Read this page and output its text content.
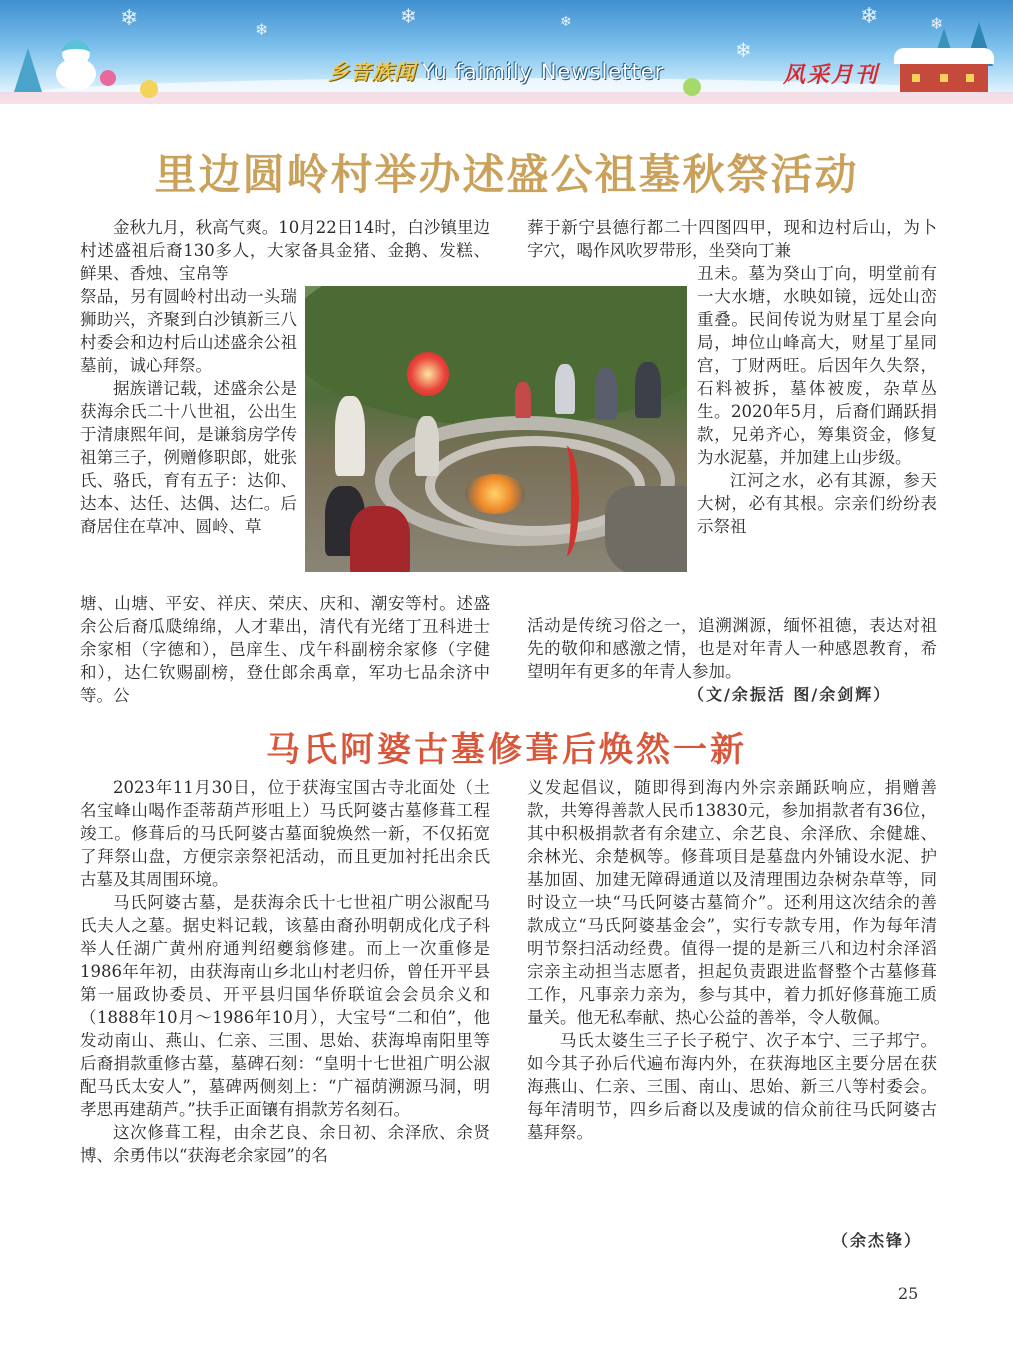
❄	❄
❄	❄
❄
❄	❄
乡音族闻 Yu faimily Newsletter	风采月刊
里边圆岭村举办述盛公祖墓秋祭活动

金秋九月，秋高气爽。10月22日14时，白沙镇里边村述盛祖后裔130多人，大家备具金猪、金鹅、发糕、鲜果、香烛、宝帛等

祭品，另有圆岭村出动一头瑞狮助兴，齐聚到白沙镇新三八村委会和边村后山述盛余公祖墓前，诚心拜祭。

据族谱记载，述盛余公是获海余氏二十八世祖，公出生于清康熙年间，是谦翁房学传祖第三子，例赠修职郎，妣张氏、骆氏，育有五子：达仰、达本、达任、达偶、达仁。后裔居住在草冲、圆岭、草

塘、山塘、平安、祥庆、荣庆、庆和、潮安等村。述盛余公后裔瓜瓞绵绵，人才辈出，清代有光绪丁丑科进士余家相（字德和），邑庠生、戊午科副榜余家修（字健和），达仁钦赐副榜，登仕郎余禹章，军功七品余济中等。公

葬于新宁县德行都二十四图四甲，现和边村后山，为卜字穴，喝作风吹罗带形，坐癸向丁兼

丑未。墓为癸山丁向，明堂前有一大水塘，水映如镜，远处山峦重叠。民间传说为财星丁星会向局，坤位山峰高大，财星丁星同宫，丁财两旺。后因年久失祭，石料被拆，墓体被废，杂草丛生。2020年5月，后裔们踊跃捐款，兄弟齐心，筹集资金，修复为水泥墓，并加建上山步级。

江河之水，必有其源，参天大树，必有其根。宗亲们纷纷表示祭祖

活动是传统习俗之一，追溯渊源，缅怀祖德，表达对祖先的敬仰和感激之情，也是对年青人一种感恩教育，希望明年有更多的年青人参加。

（文/余振活 图/余剑辉）
马氏阿婆古墓修葺后焕然一新

2023年11月30日，位于获海宝国古寺北面处（土名宝峰山喝作歪蒂葫芦形咀上）马氏阿婆古墓修葺工程竣工。修葺后的马氏阿婆古墓面貌焕然一新，不仅拓宽了拜祭山盘，方便宗亲祭祀活动，而且更加衬托出余氏古墓及其周围环境。

马氏阿婆古墓，是获海余氏十七世祖广明公淑配马氏夫人之墓。据史料记载，该墓由裔孙明朝成化戊子科举人任湖广黄州府通判绍夔翁修建。而上一次重修是1986年年初，由获海南山乡北山村老归侨，曾任开平县第一届政协委员、开平县归国华侨联谊会会员余义和（1888年10月～1986年10月），大宝号“二和伯”，他发动南山、燕山、仁亲、三围、思始、获海埠南阳里等后裔捐款重修古墓，墓碑石刻：“皇明十七世祖广明公淑配马氏太安人”，墓碑两侧刻上：“广福荫溯源马洞，明孝思再建葫芦。”扶手正面镶有捐款芳名刻石。

这次修葺工程，由余艺良、余日初、余泽欣、余贤博、余勇伟以“获海老余家园”的名

义发起倡议，随即得到海内外宗亲踊跃响应，捐赠善款，共筹得善款人民币13830元，参加捐款者有36位，其中积极捐款者有余建立、余艺良、余泽欣、余健雄、余林光、余楚枫等。修葺项目是墓盘内外铺设水泥、护基加固、加建无障碍通道以及清理围边杂树杂草等，同时设立一块“马氏阿婆古墓简介”。还利用这次结余的善款成立“马氏阿婆基金会”，实行专款专用，作为每年清明节祭扫活动经费。值得一提的是新三八和边村余泽滔宗亲主动担当志愿者，担起负责跟进监督整个古墓修葺工作，凡事亲力亲为，参与其中，着力抓好修葺施工质量关。他无私奉献、热心公益的善举，令人敬佩。

马氏太婆生三子长子税宁、次子本宁、三子邦宁。如今其子孙后代遍布海内外，在获海地区主要分居在获海燕山、仁亲、三围、南山、思始、新三八等村委会。每年清明节，四乡后裔以及虔诚的信众前往马氏阿婆古墓拜祭。

（余杰锋）
25
